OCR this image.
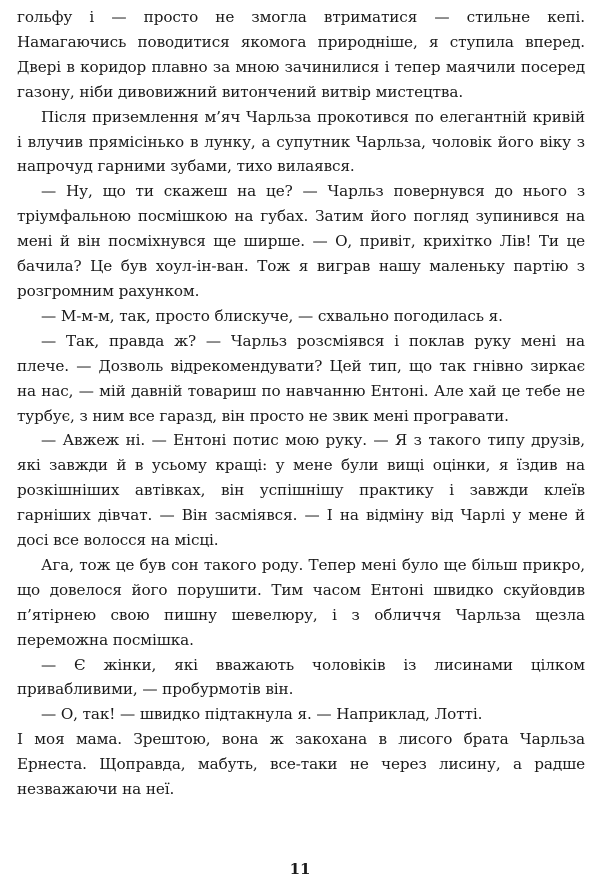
гольфу і — просто не змогла втриматися — стильне кепі. Намагаючись поводитися якомога природніше, я ступила вперед. Двері в коридор плавно за мною зачинилися і тепер маячили посеред газону, ніби дивовижний витончений витвір мистецтва.

Після приземлення м’яч Чарльза прокотився по елегантній кривій і влучив прямісінько в лунку, а супутник Чарльза, чоловік його віку з напрочуд гарними зубами, тихо вилаявся.

— Ну, що ти скажеш на це? — Чарльз повернувся до нього з тріумфальною посмішкою на губах. Затим його погляд зупинився на мені й він посміхнувся ще ширше. — О, привіт, крихітко Лів! Ти це бачила? Це був хоул-ін-ван. Тож я виграв нашу маленьку партію з розгромним рахунком.

— М-м-м, так, просто блискуче, — схвально погодилась я.

— Так, правда ж? — Чарльз розсміявся і поклав руку мені на плече. — Дозволь відрекомендувати? Цей тип, що так гнівно зиркає на нас, — мій давній товариш по навчанню Ентоні. Але хай це тебе не турбує, з ним все гаразд, він просто не звик мені програвати.

— Авжеж ні. — Ентоні потис мою руку. — Я з такого типу друзів, які завжди й в усьому кращі: у мене були вищі оцінки, я їздив на розкішніших автівках, він успішнішу практику і завжди клеїв гарніших дівчат. — Він засміявся. — І на відміну від Чарлі у мене й досі все волосся на місці.

Ага, тож це був сон такого роду. Тепер мені було ще більш прикро, що довелося його порушити. Тим часом Ентоні швидко скуйовдив п’ятірнею свою пишну шевелюру, і з обличчя Чарльза щезла переможна посмішка.

— Є жінки, які вважають чоловіків із лисинами цілком привабливими, — пробурмотів він.

— О, так! — швидко підтакнула я. — Наприклад, Лотті.

І моя мама. Зрештою, вона ж закохана в лисого брата Чарльза Ернеста. Щоправда, мабуть, все-таки не через лисину, а радше незважаючи на неї.

11
